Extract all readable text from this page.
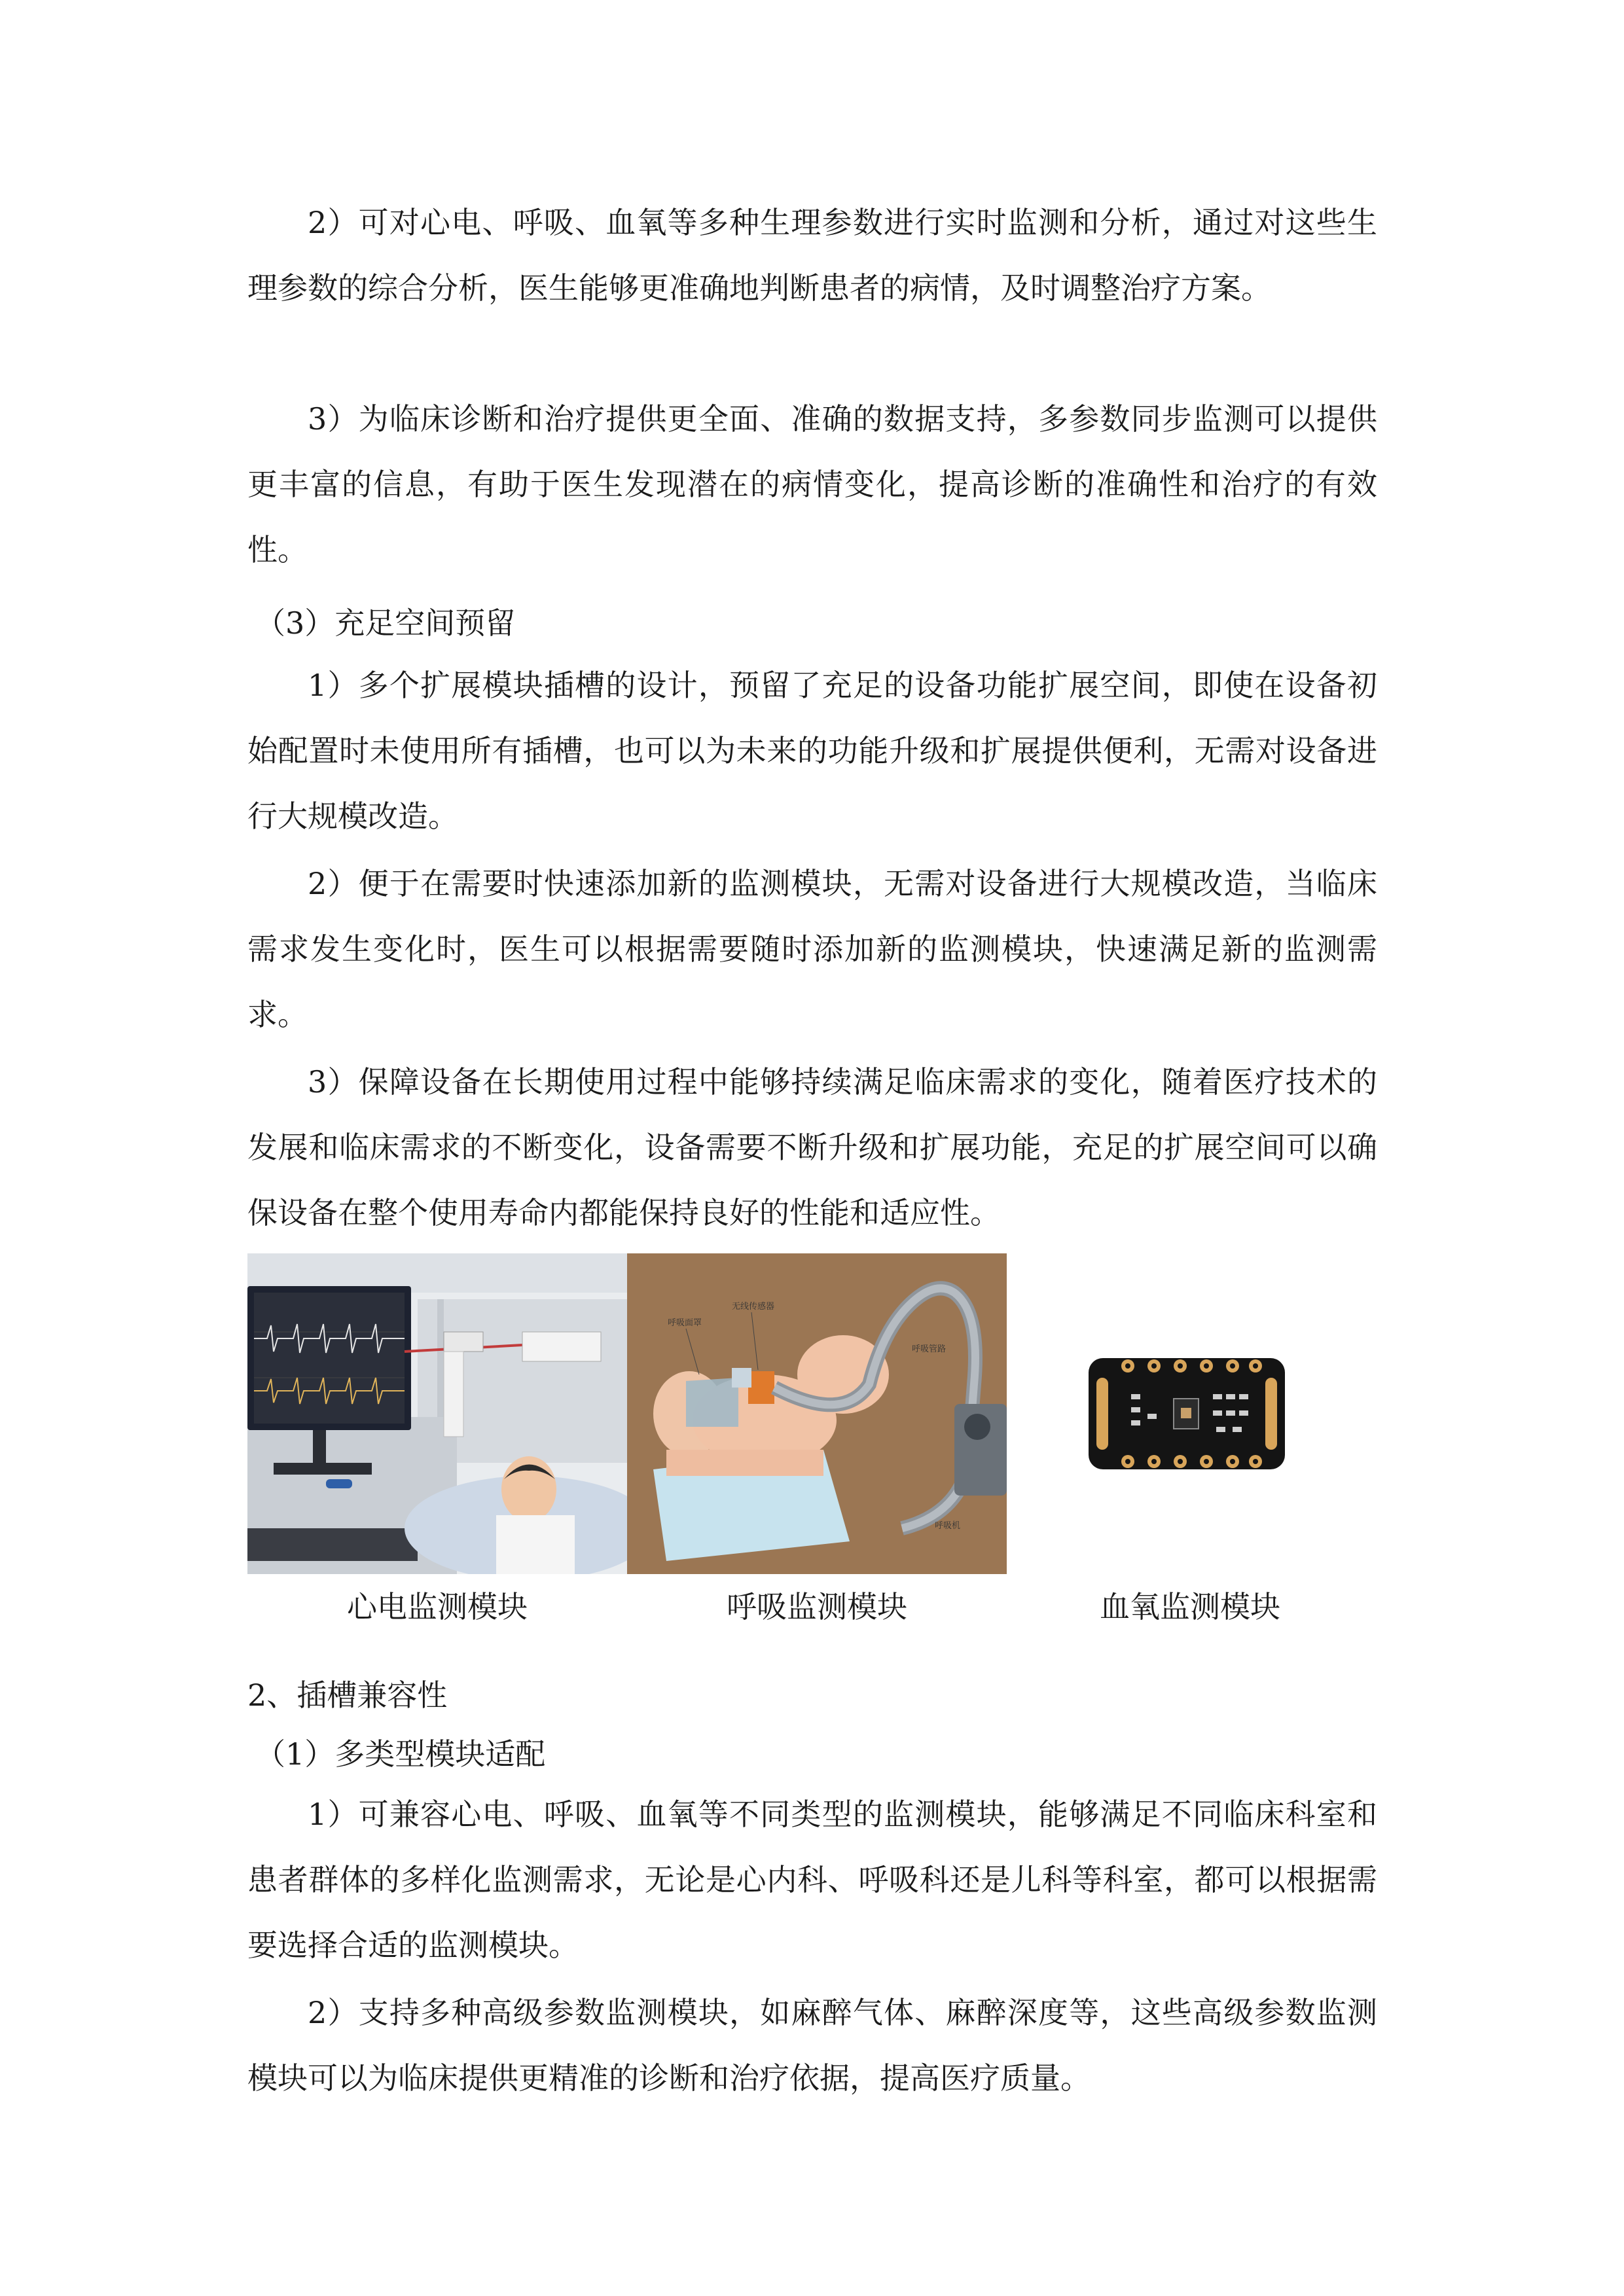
2）可对心电、呼吸、血氧等多种生理参数进行实时监测和分析，通过对这些生理参数的综合分析，医生能够更准确地判断患者的病情，及时调整治疗方案。

3）为临床诊断和治疗提供更全面、准确的数据支持，多参数同步监测可以提供更丰富的信息，有助于医生发现潜在的病情变化，提高诊断的准确性和治疗的有效性。

（3）充足空间预留

1）多个扩展模块插槽的设计，预留了充足的设备功能扩展空间，即使在设备初始配置时未使用所有插槽，也可以为未来的功能升级和扩展提供便利，无需对设备进行大规模改造。

2）便于在需要时快速添加新的监测模块，无需对设备进行大规模改造，当临床需求发生变化时，医生可以根据需要随时添加新的监测模块，快速满足新的监测需求。

3）保障设备在长期使用过程中能够持续满足临床需求的变化，随着医疗技术的发展和临床需求的不断变化，设备需要不断升级和扩展功能，充足的扩展空间可以确保设备在整个使用寿命内都能保持良好的性能和适应性。

呼吸面罩
无线传感器
呼吸管路
呼吸机
心电监测模块	呼吸监测模块	血氧监测模块

2、插槽兼容性

（1）多类型模块适配

1）可兼容心电、呼吸、血氧等不同类型的监测模块，能够满足不同临床科室和患者群体的多样化监测需求，无论是心内科、呼吸科还是儿科等科室，都可以根据需要选择合适的监测模块。

2）支持多种高级参数监测模块，如麻醉气体、麻醉深度等，这些高级参数监测模块可以为临床提供更精准的诊断和治疗依据，提高医疗质量。
